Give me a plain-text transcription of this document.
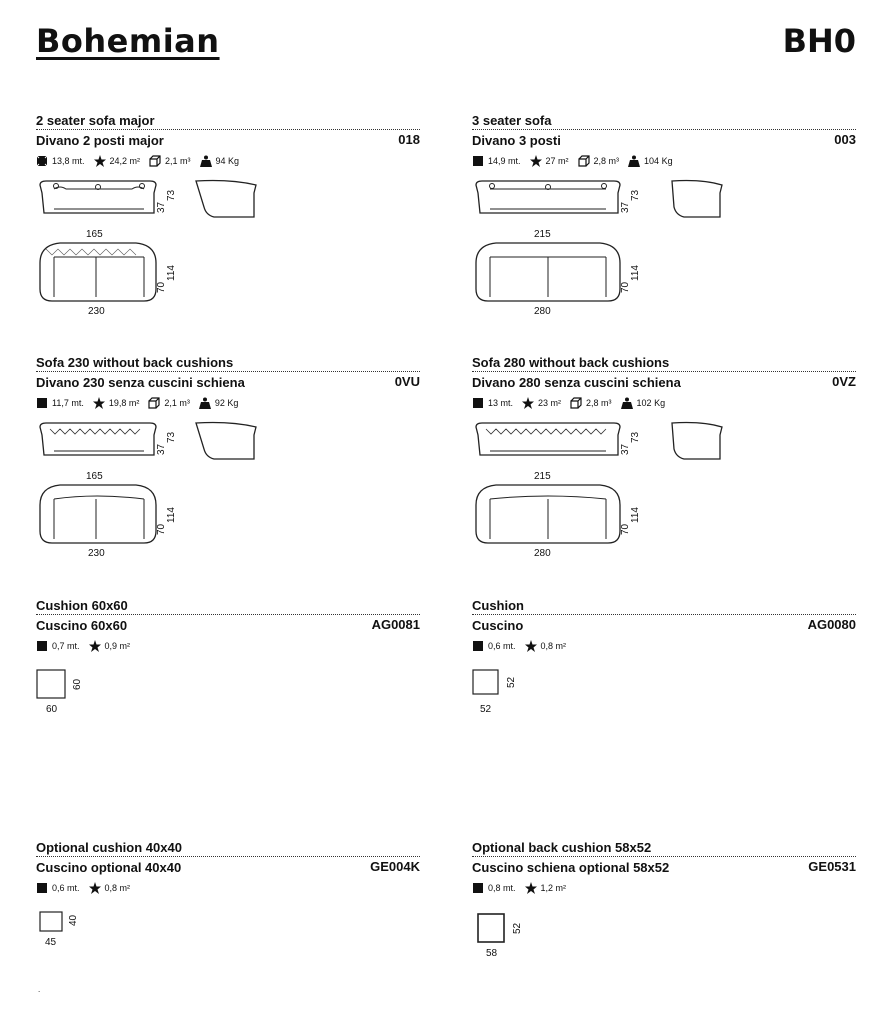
Bohemian	BH0
2 seater sofa major
Divano 2 posti major	018
13,8 mt.	24,2 m²	2,1 m³	94 Kg
165
37
73
230
70
114
3 seater sofa
Divano 3 posti	003
14,9 mt.	27 m²	2,8 m³	104 Kg
215
37
73
280
70
114
Sofa 230 without back cushions
Divano 230 senza cuscini schiena	0VU
11,7 mt.	19,8 m²	2,1 m³	92 Kg
165
37
73
230
70
114
Sofa 280 without back cushions
Divano 280 senza cuscini schiena	0VZ
13 mt.	23 m²	2,8 m³	102 Kg
215
37
73
280
70
114
Cushion 60x60
Cuscino 60x60	AG0081
0,7 mt.	0,9 m²
60
60
Cushion
Cuscino	AG0080
0,6 mt.	0,8 m²
52
52
Optional cushion 40x40
Cuscino optional 40x40	GE004K
0,6 mt.	0,8 m²
45
40
Optional back cushion 58x52
Cuscino schiena optional 58x52	GE0531
0,8 mt.	1,2 m²
58
52
.
